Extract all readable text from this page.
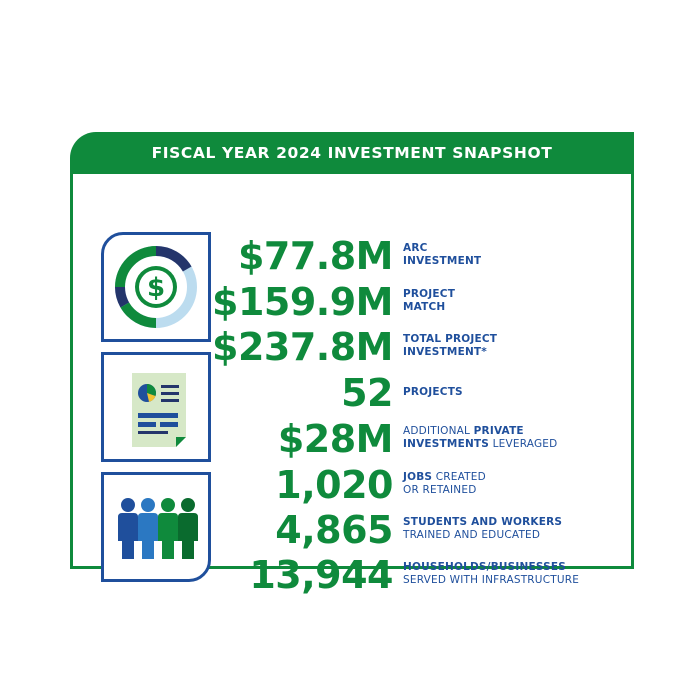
FISCAL YEAR 2024 INVESTMENT SNAPSHOT
$
$77.8M ARC
INVESTMENT
$159.9M PROJECT
MATCH
$237.8M TOTAL PROJECT
INVESTMENT*
52 PROJECTS
$28M ADDITIONAL PRIVATE
INVESTMENTS LEVERAGED
1,020 JOBS CREATED
OR RETAINED
4,865 STUDENTS AND WORKERS
TRAINED AND EDUCATED
13,944 HOUSEHOLDS/BUSINESSES
SERVED WITH INFRASTRUCTURE
